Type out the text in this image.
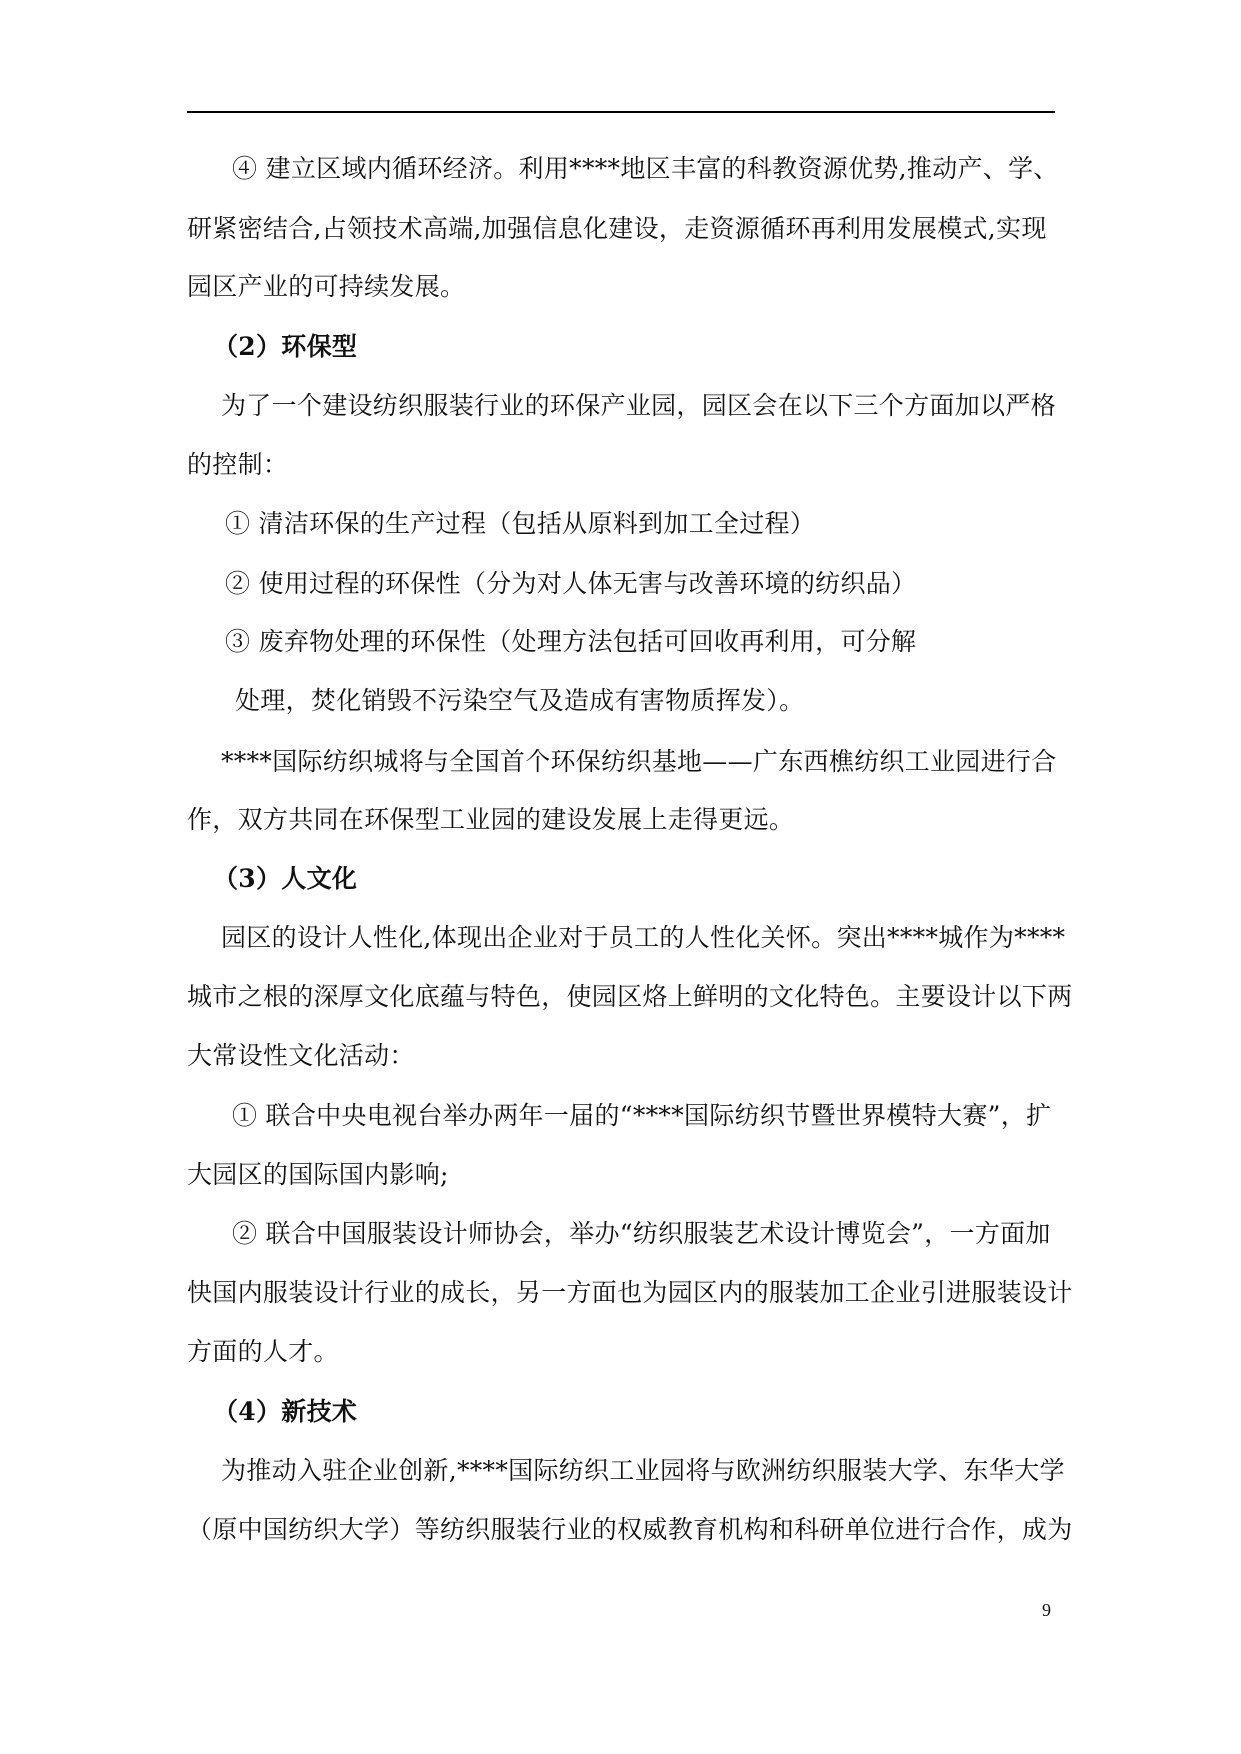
④ 建立区域内循环经济。利用****地区丰富的科教资源优势,推动产、学、
研紧密结合,占领技术高端,加强信息化建设，走资源循环再利用发展模式,实现
园区产业的可持续发展。
（2）环保型
为了一个建设纺织服装行业的环保产业园，园区会在以下三个方面加以严格
的控制：
① 清洁环保的生产过程（包括从原料到加工全过程）
② 使用过程的环保性（分为对人体无害与改善环境的纺织品）
③ 废弃物处理的环保性（处理方法包括可回收再利用，可分解
处理，焚化销毁不污染空气及造成有害物质挥发）。
****国际纺织城将与全国首个环保纺织基地——广东西樵纺织工业园进行合
作，双方共同在环保型工业园的建设发展上走得更远。
（3）人文化
园区的设计人性化,体现出企业对于员工的人性化关怀。突出****城作为****
城市之根的深厚文化底蕴与特色，使园区烙上鲜明的文化特色。主要设计以下两
大常设性文化活动：
① 联合中央电视台举办两年一届的“****国际纺织节暨世界模特大赛”，扩
大园区的国际国内影响;
② 联合中国服装设计师协会，举办“纺织服装艺术设计博览会”，一方面加
快国内服装设计行业的成长，另一方面也为园区内的服装加工企业引进服装设计
方面的人才。
（4）新技术
为推动入驻企业创新,****国际纺织工业园将与欧洲纺织服装大学、东华大学
（原中国纺织大学）等纺织服装行业的权威教育机构和科研单位进行合作，成为
9
